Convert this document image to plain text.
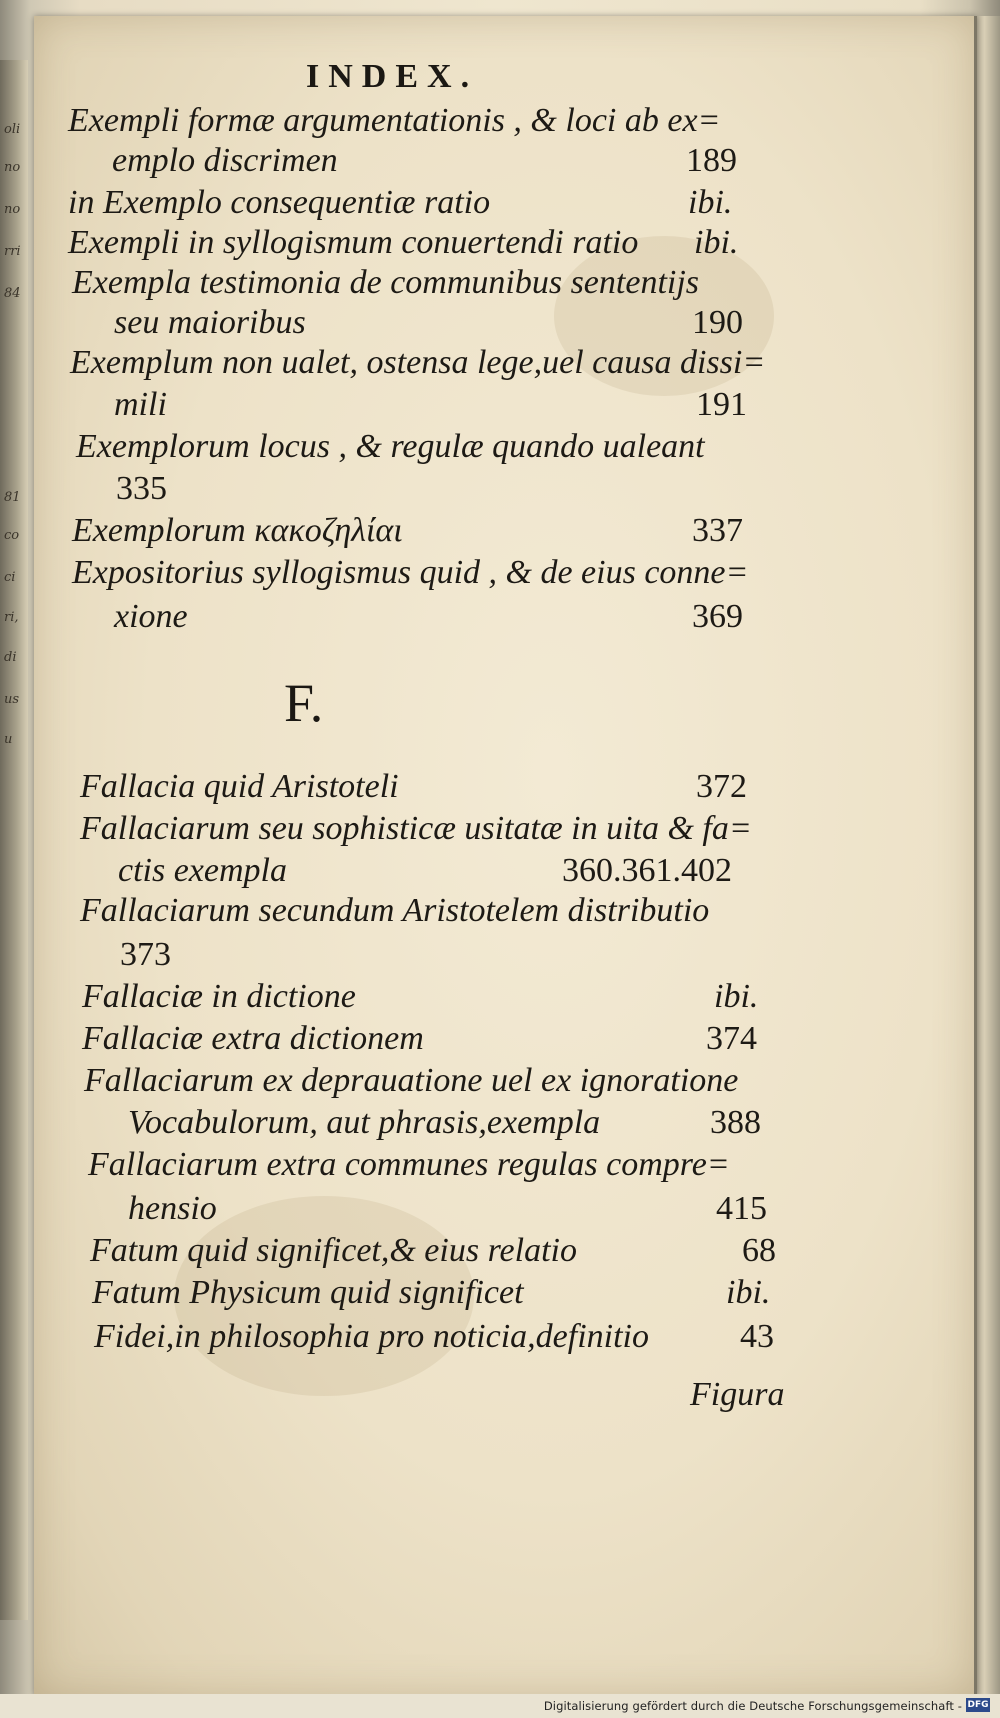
oli
no
no
rri
84
81
co
ci
ri,
di
us
u
INDEX.
Exempli formæ argumentationis , & loci ab ex=
emplo discrimen	189
in Exemplo consequentiæ ratio	ibi.
Exempli in syllogismum conuertendi ratio ibi.
Exempla testimonia de communibus sententijs
seu maioribus	190
Exemplum non ualet, ostensa lege,uel causa dissi=
mili	191
Exemplorum locus , & regulæ quando ualeant
335
Exemplorum κακοζηλίαι	337
Expositorius syllogismus quid , & de eius conne=
xione	369
F.
Fallacia quid Aristoteli	372
Fallaciarum seu sophisticæ usitatæ in uita & fa=
ctis exempla	360.361.402
Fallaciarum secundum Aristotelem distributio
373
Fallaciæ in dictione	ibi.
Fallaciæ extra dictionem	374
Fallaciarum ex deprauatione uel ex ignoratione
Vocabulorum, aut phrasis,exempla	388
Fallaciarum extra communes regulas compre=
hensio	415
Fatum quid significet,& eius relatio	68
Fatum Physicum quid significet	ibi.
Fidei,in philosophia pro noticia,definitio	43
Figura
Digitalisierung gefördert durch die Deutsche Forschungsgemeinschaft - DFG
